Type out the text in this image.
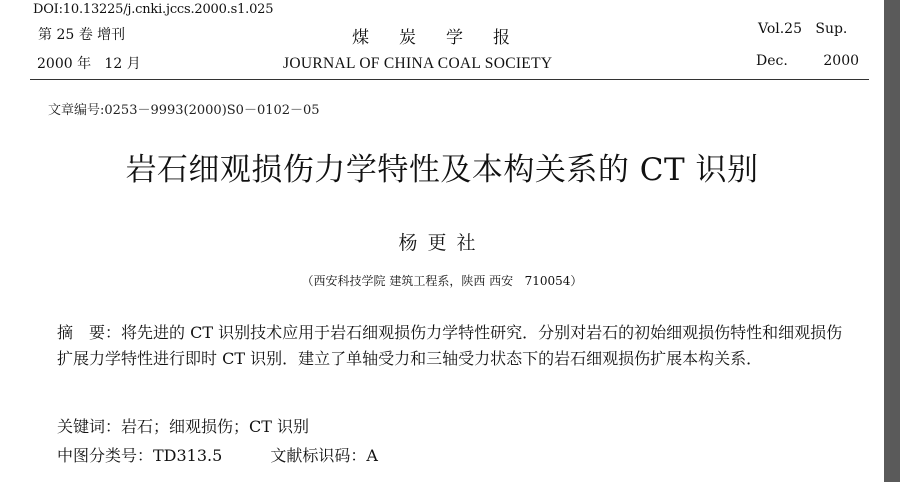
DOI:10.13225/j.cnki.jccs.2000.s1.025
第 25 卷 增刊	煤炭学报	Vol.25   Sup.
2000 年   12 月	JOURNAL OF CHINA COAL SOCIETY	Dec.        2000
文章编号:0253－9993(2000)S0－0102－05
岩石细观损伤力学特性及本构关系的 CT 识别
杨更社
（西安科技学院 建筑工程系，陕西 西安   710054）
摘　要：将先进的 CT 识别技术应用于岩石细观损伤力学特性研究．分别对岩石的初始细观损伤特性和细观损伤扩展力学特性进行即时 CT 识别．建立了单轴受力和三轴受力状态下的岩石细观损伤扩展本构关系．
关键词：岩石；细观损伤；CT 识别
中图分类号：TD313.5	文献标识码：A
